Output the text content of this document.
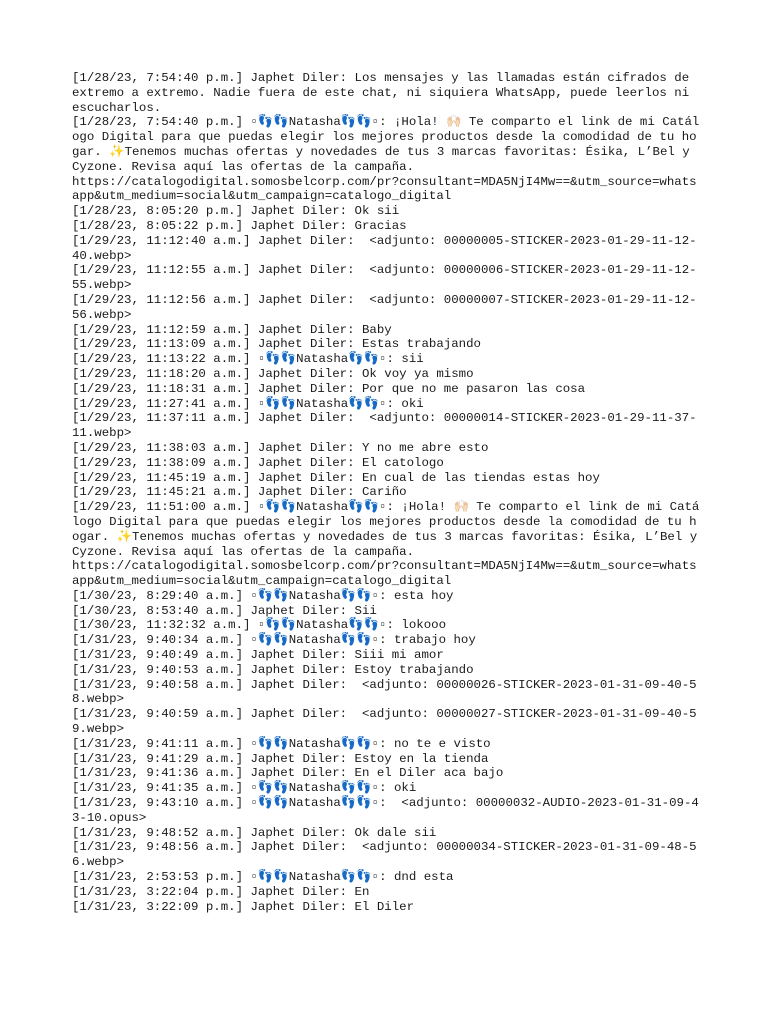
[1/28/23, 7:54:40 p.m.] Japhet Diler: Los mensajes y las llamadas están cifrados de extremo a extremo. Nadie fuera de este chat, ni siquiera WhatsApp, puede leerlos ni escucharlos.
[1/28/23, 7:54:40 p.m.] ▫👣👣Natasha👣👣▫: ¡Hola! 🙌🏻 Te comparto el link de mi Catálogo Digital para que puedas elegir los mejores productos desde la comodidad de tu hogar. ✨Tenemos muchas ofertas y novedades de tus 3 marcas favoritas: Ésika, L’Bel y Cyzone. Revisa aquí las ofertas de la campaña.
https://catalogodigital.somosbelcorp.com/pr?consultant=MDA5NjI4Mw==&utm_source=whatsapp&utm_medium=social&utm_campaign=catalogo_digital
[1/28/23, 8:05:20 p.m.] Japhet Diler: Ok sii
[1/28/23, 8:05:22 p.m.] Japhet Diler: Gracias
[1/29/23, 11:12:40 a.m.] Japhet Diler:  <adjunto: 00000005-STICKER-2023-01-29-11-12-40.webp>
[1/29/23, 11:12:55 a.m.] Japhet Diler:  <adjunto: 00000006-STICKER-2023-01-29-11-12-55.webp>
[1/29/23, 11:12:56 a.m.] Japhet Diler:  <adjunto: 00000007-STICKER-2023-01-29-11-12-56.webp>
[1/29/23, 11:12:59 a.m.] Japhet Diler: Baby
[1/29/23, 11:13:09 a.m.] Japhet Diler: Estas trabajando
[1/29/23, 11:13:22 a.m.] ▫👣👣Natasha👣👣▫: sii
[1/29/23, 11:18:20 a.m.] Japhet Diler: Ok voy ya mismo
[1/29/23, 11:18:31 a.m.] Japhet Diler: Por que no me pasaron las cosa
[1/29/23, 11:27:41 a.m.] ▫👣👣Natasha👣👣▫: oki
[1/29/23, 11:37:11 a.m.] Japhet Diler:  <adjunto: 00000014-STICKER-2023-01-29-11-37-11.webp>
[1/29/23, 11:38:03 a.m.] Japhet Diler: Y no me abre esto
[1/29/23, 11:38:09 a.m.] Japhet Diler: El catologo
[1/29/23, 11:45:19 a.m.] Japhet Diler: En cual de las tiendas estas hoy
[1/29/23, 11:45:21 a.m.] Japhet Diler: Cariño
[1/29/23, 11:51:00 a.m.] ▫👣👣Natasha👣👣▫: ¡Hola! 🙌🏻 Te comparto el link de mi Catálogo Digital para que puedas elegir los mejores productos desde la comodidad de tu hogar. ✨Tenemos muchas ofertas y novedades de tus 3 marcas favoritas: Ésika, L’Bel y Cyzone. Revisa aquí las ofertas de la campaña.
https://catalogodigital.somosbelcorp.com/pr?consultant=MDA5NjI4Mw==&utm_source=whatsapp&utm_medium=social&utm_campaign=catalogo_digital
[1/30/23, 8:29:40 a.m.] ▫👣👣Natasha👣👣▫: esta hoy
[1/30/23, 8:53:40 a.m.] Japhet Diler: Sii
[1/30/23, 11:32:32 a.m.] ▫👣👣Natasha👣👣▫: lokooo
[1/31/23, 9:40:34 a.m.] ▫👣👣Natasha👣👣▫: trabajo hoy
[1/31/23, 9:40:49 a.m.] Japhet Diler: Siii mi amor
[1/31/23, 9:40:53 a.m.] Japhet Diler: Estoy trabajando
[1/31/23, 9:40:58 a.m.] Japhet Diler:  <adjunto: 00000026-STICKER-2023-01-31-09-40-58.webp>
[1/31/23, 9:40:59 a.m.] Japhet Diler:  <adjunto: 00000027-STICKER-2023-01-31-09-40-59.webp>
[1/31/23, 9:41:11 a.m.] ▫👣👣Natasha👣👣▫: no te e visto
[1/31/23, 9:41:29 a.m.] Japhet Diler: Estoy en la tienda
[1/31/23, 9:41:36 a.m.] Japhet Diler: En el Diler aca bajo
[1/31/23, 9:41:35 a.m.] ▫👣👣Natasha👣👣▫: oki
[1/31/23, 9:43:10 a.m.] ▫👣👣Natasha👣👣▫:  <adjunto: 00000032-AUDIO-2023-01-31-09-43-10.opus>
[1/31/23, 9:48:52 a.m.] Japhet Diler: Ok dale sii
[1/31/23, 9:48:56 a.m.] Japhet Diler:  <adjunto: 00000034-STICKER-2023-01-31-09-48-56.webp>
[1/31/23, 2:53:53 p.m.] ▫👣👣Natasha👣👣▫: dnd esta
[1/31/23, 3:22:04 p.m.] Japhet Diler: En
[1/31/23, 3:22:09 p.m.] Japhet Diler: El Diler
